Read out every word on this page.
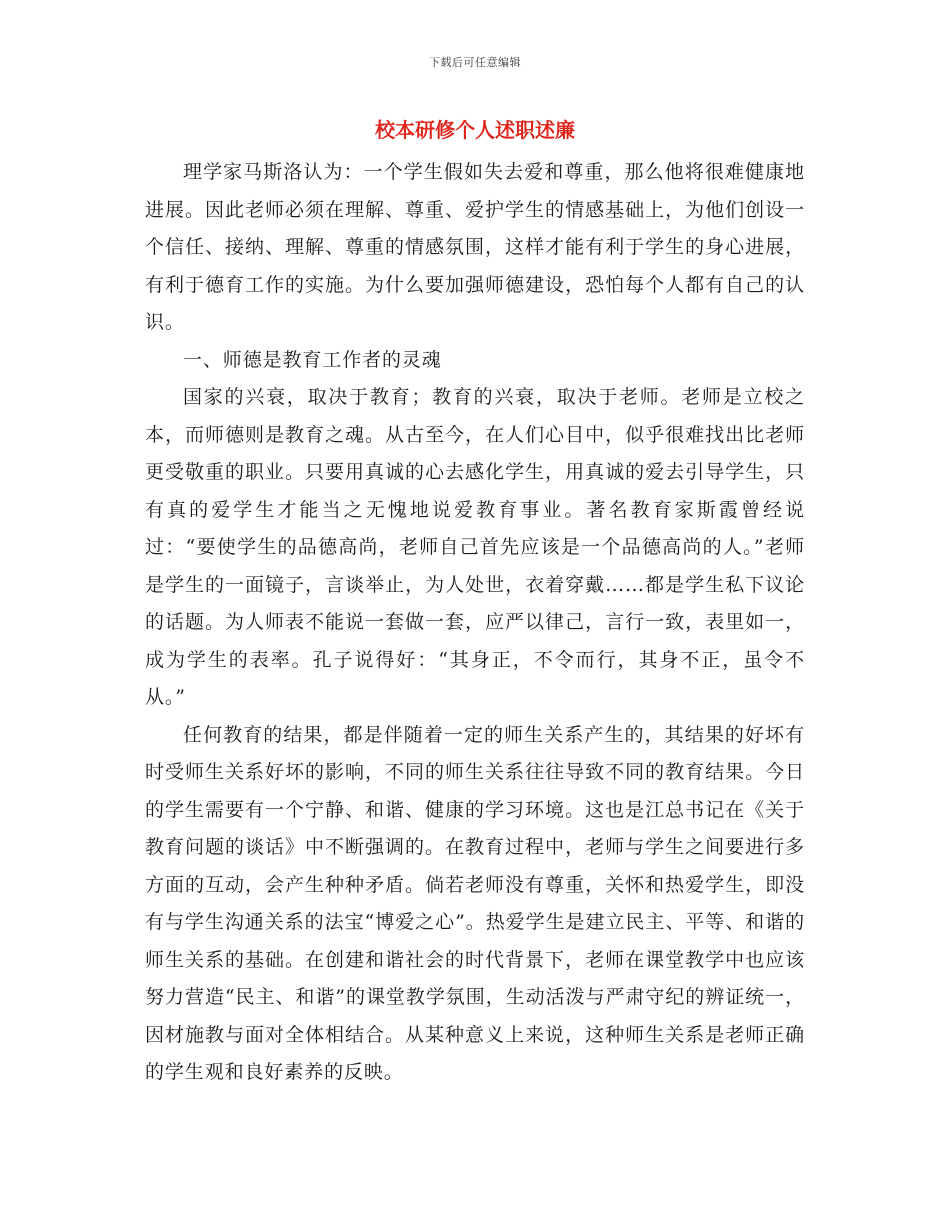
下载后可任意编辑
校本研修个人述职述廉

理学家马斯洛认为：一个学生假如失去爱和尊重，那么他将很难健康地进展。因此老师必须在理解、尊重、爱护学生的情感基础上，为他们创设一个信任、接纳、理解、尊重的情感氛围，这样才能有利于学生的身心进展，有利于德育工作的实施。为什么要加强师德建设，恐怕每个人都有自己的认识。

一、师德是教育工作者的灵魂

国家的兴衰，取决于教育；教育的兴衰，取决于老师。老师是立校之本，而师德则是教育之魂。从古至今，在人们心目中，似乎很难找出比老师更受敬重的职业。只要用真诚的心去感化学生，用真诚的爱去引导学生，只有真的爱学生才能当之无愧地说爱教育事业。著名教育家斯霞曾经说过：“要使学生的品德高尚，老师自己首先应该是一个品德高尚的人。”老师是学生的一面镜子，言谈举止，为人处世，衣着穿戴……都是学生私下议论的话题。为人师表不能说一套做一套，应严以律己，言行一致，表里如一，成为学生的表率。孔子说得好：“其身正，不令而行，其身不正，虽令不从。”

任何教育的结果，都是伴随着一定的师生关系产生的，其结果的好坏有时受师生关系好坏的影响，不同的师生关系往往导致不同的教育结果。今日的学生需要有一个宁静、和谐、健康的学习环境。这也是江总书记在《关于教育问题的谈话》中不断强调的。在教育过程中，老师与学生之间要进行多方面的互动，会产生种种矛盾。倘若老师没有尊重，关怀和热爱学生，即没有与学生沟通关系的法宝“博爱之心”。热爱学生是建立民主、平等、和谐的师生关系的基础。在创建和谐社会的时代背景下，老师在课堂教学中也应该努力营造“民主、和谐”的课堂教学氛围，生动活泼与严肃守纪的辨证统一，因材施教与面对全体相结合。从某种意义上来说，这种师生关系是老师正确的学生观和良好素养的反映。
